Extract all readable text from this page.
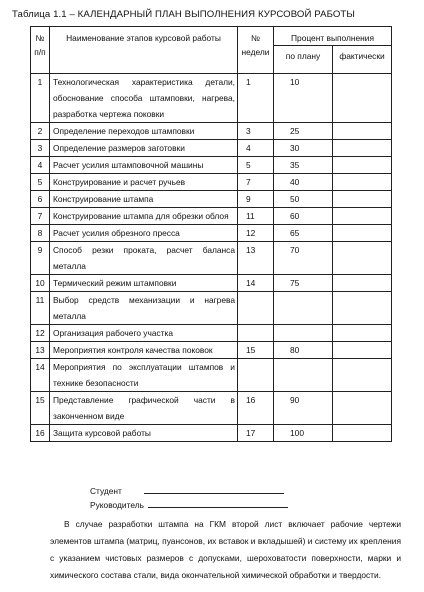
Таблица 1.1 – КАЛЕНДАРНЫЙ ПЛАН ВЫПОЛНЕНИЯ КУРСОВОЙ РАБОТЫ
№ п/п	Наименование этапов курсовой работы	№ недели	Процент выполнения	
			по плану	фактически
1	Технологическая характеристика детали, обоснование способа штамповки, нагрева, разработка чертежа поковки	1	10	
2	Определение переходов штамповки	3	25	
3	Определение размеров заготовки	4	30	
4	Расчет усилия штамповочной машины	5	35	
5	Конструирование и расчет ручьев	7	40	
6	Конструирование штампа	9	50	
7	Конструирование штампа для обрезки облоя	11	60	
8	Расчет усилия обрезного пресса	12	65	
9	Способ резки проката, расчет баланса металла	13	70	
10	Термический режим штамповки	14	75	
11	Выбор средств механизации и нагрева металла			
12	Организация рабочего участка			
13	Мероприятия контроля качества поковок	15	80	
14	Мероприятия по эксплуатации штампов и технике безопасности			
15	Представление графической части в законченном виде	16	90	
16	Защита курсовой работы	17	100	
Студент
Руководитель

В случае разработки штампа на ГКМ второй лист включает рабочие чертежи элементов штампа (матриц, пуансонов, их вставок и вкладышей) и систему их крепления с указанием чистовых размеров с допусками, шероховатости поверхности, марки и химического состава стали, вида окончательной химической обработки и твердости.
